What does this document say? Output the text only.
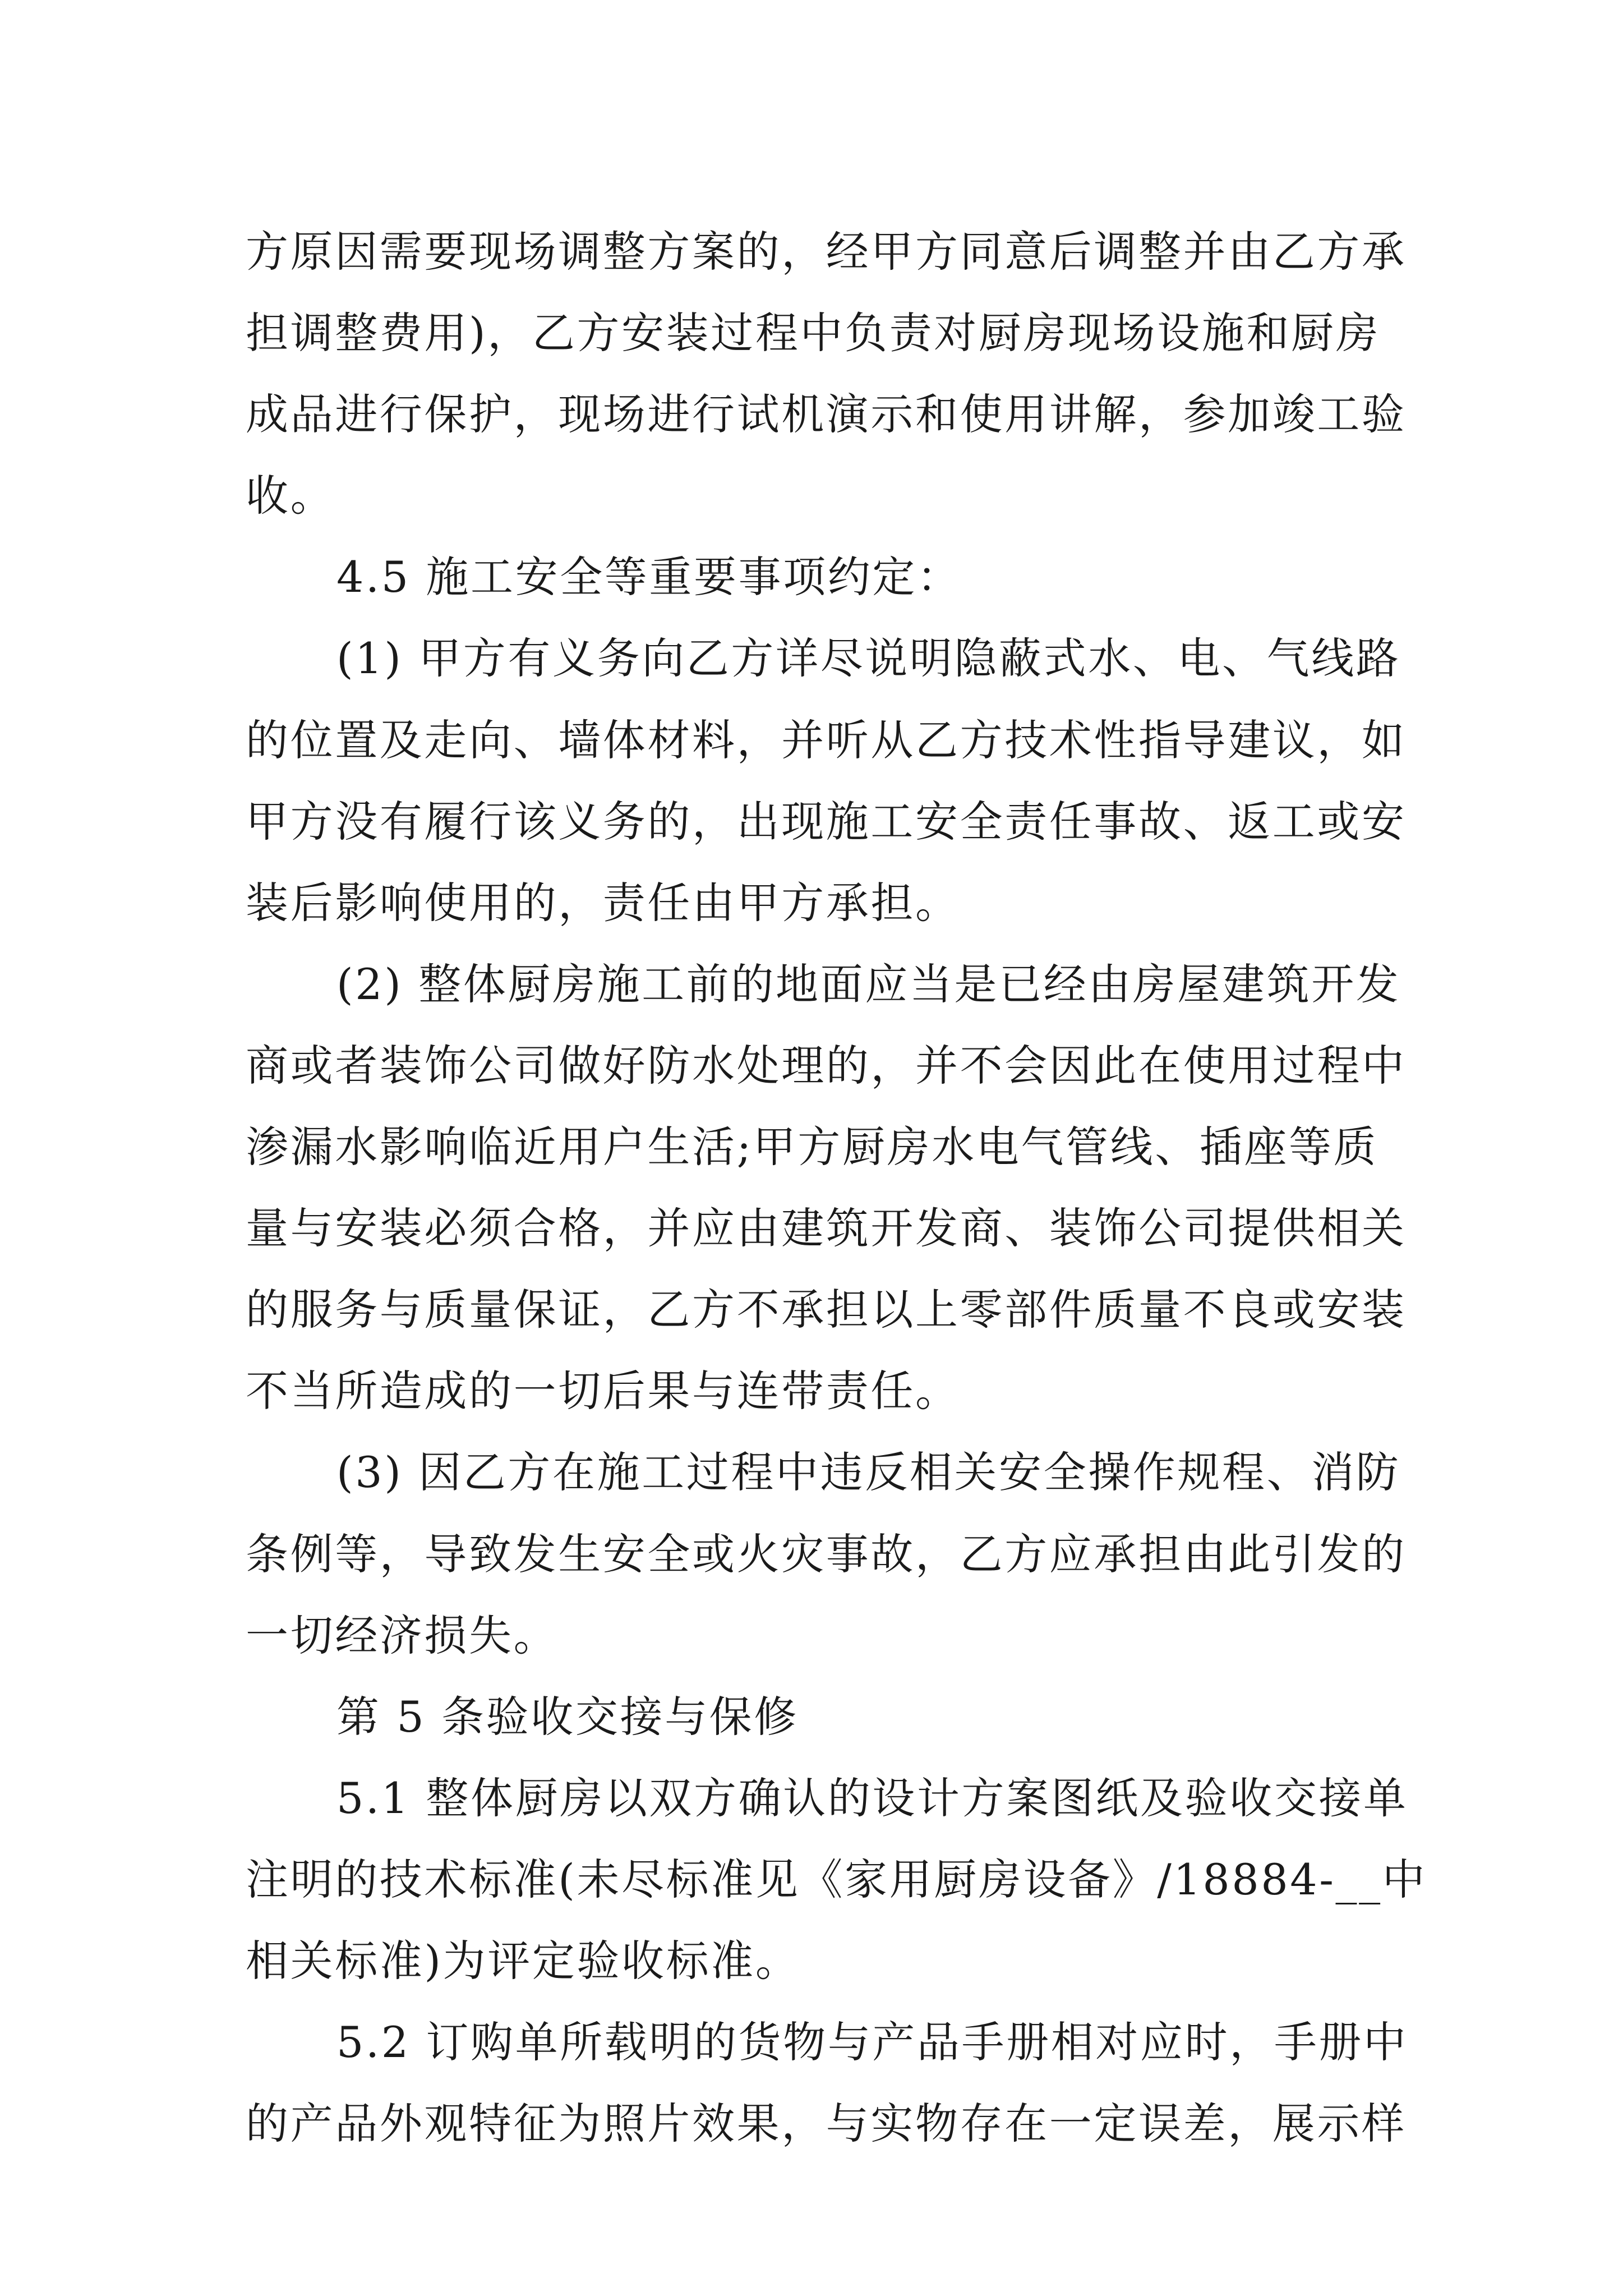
方原因需要现场调整方案的，经甲方同意后调整并由乙方承
担调整费用)，乙方安装过程中负责对厨房现场设施和厨房
成品进行保护，现场进行试机演示和使用讲解，参加竣工验
收。
4.5 施工安全等重要事项约定：
(1) 甲方有义务向乙方详尽说明隐蔽式水、电、气线路
的位置及走向、墙体材料，并听从乙方技术性指导建议，如
甲方没有履行该义务的，出现施工安全责任事故、返工或安
装后影响使用的，责任由甲方承担。
(2) 整体厨房施工前的地面应当是已经由房屋建筑开发
商或者装饰公司做好防水处理的，并不会因此在使用过程中
渗漏水影响临近用户生活;甲方厨房水电气管线、插座等质
量与安装必须合格，并应由建筑开发商、装饰公司提供相关
的服务与质量保证，乙方不承担以上零部件质量不良或安装
不当所造成的一切后果与连带责任。
(3) 因乙方在施工过程中违反相关安全操作规程、消防
条例等，导致发生安全或火灾事故，乙方应承担由此引发的
一切经济损失。
第 5 条验收交接与保修
5.1 整体厨房以双方确认的设计方案图纸及验收交接单
注明的技术标准(未尽标准见《家用厨房设备》/18884-__中
相关标准)为评定验收标准。
5.2 订购单所载明的货物与产品手册相对应时，手册中
的产品外观特征为照片效果，与实物存在一定误差，展示样
